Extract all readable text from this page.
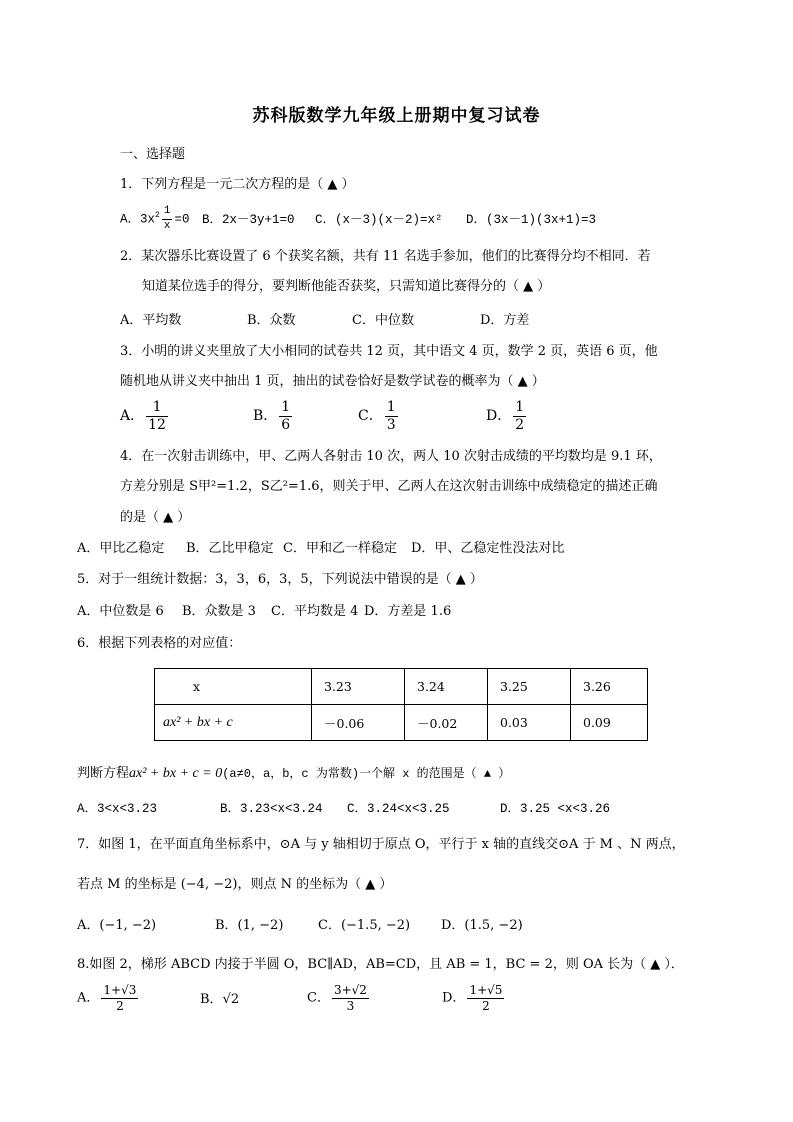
苏科版数学九年级上册期中复习试卷
一、选择题
1．下列方程是一元二次方程的是（ ▲ ）
A．$3x^2 \frac{1}{x} =0$ B．2x－3y+1=0 C．(x－3)(x－2)=x² D．(3x－1)(3x+1)=3
2．某次器乐比赛设置了 6 个获奖名额，共有 11 名选手参加，他们的比赛得分均不相同．若
知道某位选手的得分，要判断他能否获奖，只需知道比赛得分的（ ▲ ）
A．平均数	B．众数	C．中位数	D．方差
3．小明的讲义夹里放了大小相同的试卷共 12 页，其中语文 4 页，数学 2 页，英语 6 页，他
随机地从讲义夹中抽出 1 页，抽出的试卷恰好是数学试卷的概率为（ ▲ ）
A． $\frac{1}{12}$	B． $\frac{1}{6}$	C． $\frac{1}{3}$	D． $\frac{1}{2}$
4．在一次射击训练中，甲、乙两人各射击 10 次，两人 10 次射击成绩的平均数均是 9.1 环，
方差分别是 S甲²=1.2，S乙²=1.6，则关于甲、乙两人在这次射击训练中成绩稳定的描述正确
的是（ ▲ ）
A．甲比乙稳定 B．乙比甲稳定 C．甲和乙一样稳定 D．甲、乙稳定性没法对比
5．对于一组统计数据：3，3，6，3，5，下列说法中错误的是（ ▲ ）
A．中位数是 6 B．众数是 3 C．平均数是 4 D．方差是 1.6
6．根据下列表格的对应值：
x	3.23	3.24	3.25	3.26
ax² + bx + c	－0.06	－0.02	0.03	0.09
判断方程ax² + bx + c = 0(a≠0，a，b，c 为常数)一个解 x 的范围是（ ▲ ）
A．3<x<3.23	B．3.23<x<3.24 C．3.24<x<3.25	D．3.25 <x<3.26
7．如图 1，在平面直角坐标系中，⊙A 与 y 轴相切于原点 O，平行于 x 轴的直线交⊙A 于 M 、N 两点，
若点 M 的坐标是 (−4, −2)，则点 N 的坐标为（ ▲ ）
A．(−1, −2)	B．(1, −2)	C．(−1.5, −2) D．(1.5, −2)
8.如图 2，梯形 ABCD 内接于半圆 O，BC∥AD，AB=CD，且 AB = 1，BC = 2，则 OA 长为（ ▲ ）．
A． $\frac{1+√3}{2}$	B．√2	C． $\frac{3+√2}{3}$	D． $\frac{1+√5}{2}$
